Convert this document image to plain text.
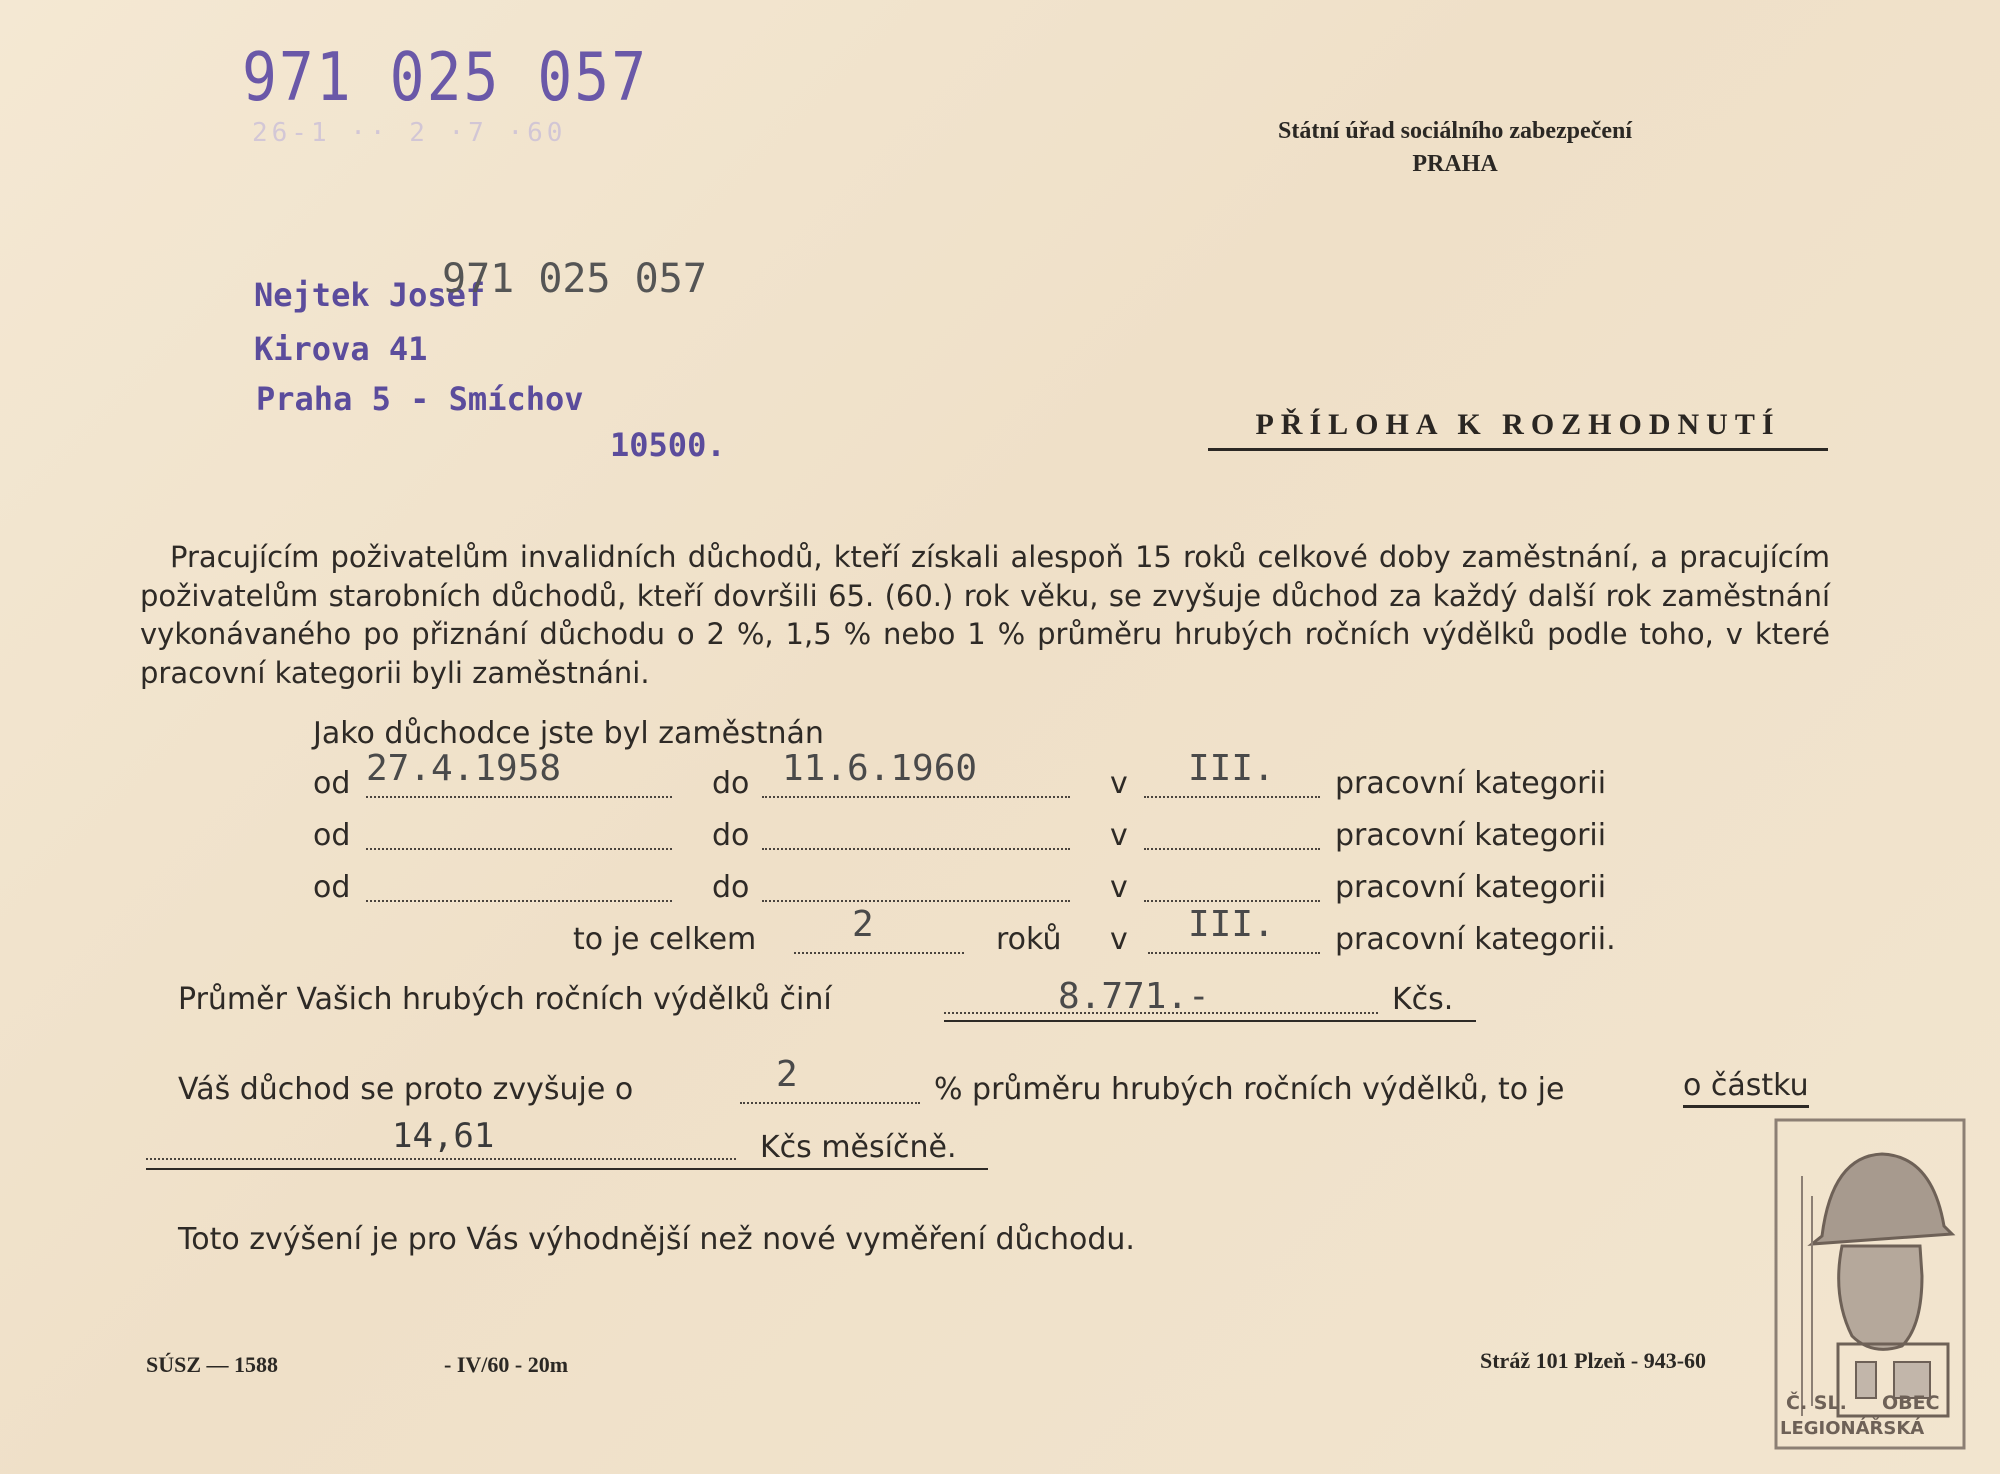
971 025 057
26-1 ·· 2 ·7 ·60	Státní úřad sociálního zabezpečení
PRAHA
Nejtek Josef
971 025 057
Kirova 41
Praha 5 - Smíchov
10500.
PŘÍLOHA K ROZHODNUTÍ

Pracujícím poživatelům invalidních důchodů, kteří získali alespoň 15 roků celkové doby zaměstnání, a pracujícím poživatelům starobních důchodů, kteří dovršili 65. (60.) rok věku, se zvyšuje důchod za každý další rok zaměstnání vykonávaného po přiznání důchodu o 2 %, 1,5 % nebo 1 % průměru hrubých ročních výdělků podle toho, v které pracovní kategorii byli zaměstnáni.

Jako důchodce jste byl zaměstnán
od 27.4.1958	do 11.6.1960	v III. pracovní kategorii
od	do	v	pracovní kategorii
od	do	v	pracovní kategorii
to je celkem	2	roků v III. pracovní kategorii.
Průměr Vašich hrubých ročních výdělků činí	8.771.-	Kčs.
Váš důchod se proto zvyšuje o	2	% průměru hrubých ročních výdělků, to je	o částku
14,61	Kčs měsíčně.
Toto zvýšení je pro Vás výhodnější než nové vyměření důchodu.
SÚSZ — 1588	- IV/60 - 20m	Stráž 101 Plzeň - 943-60
Č. SL. OBEC
LEGIONÁŘSKÁ
